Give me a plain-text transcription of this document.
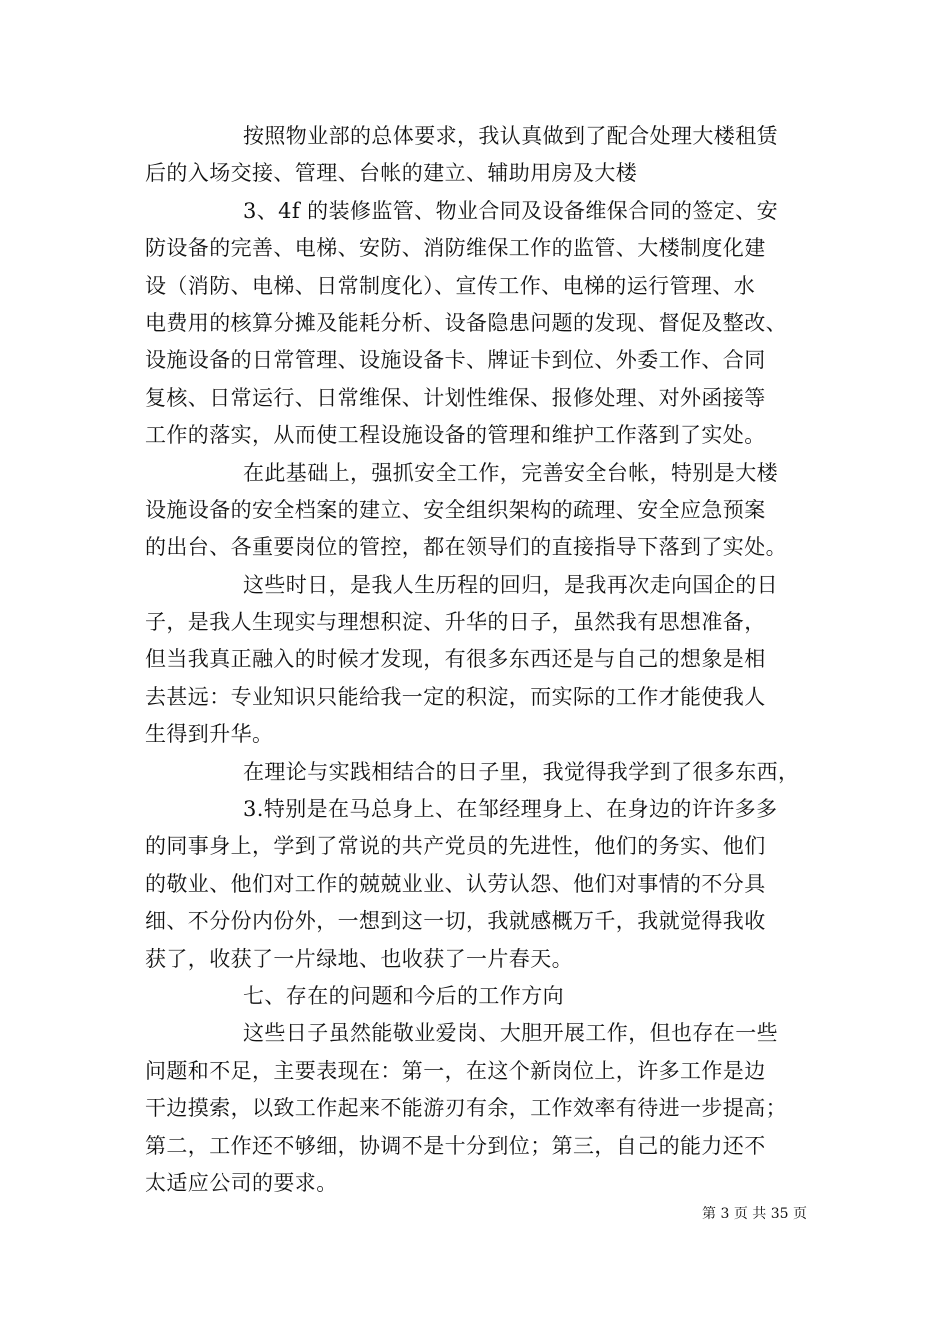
按照物业部的总体要求，我认真做到了配合处理大楼租赁
后的入场交接、管理、台帐的建立、辅助用房及大楼
3、4f 的装修监管、物业合同及设备维保合同的签定、安
防设备的完善、电梯、安防、消防维保工作的监管、大楼制度化建
设（消防、电梯、日常制度化）、宣传工作、电梯的运行管理、水
电费用的核算分摊及能耗分析、设备隐患问题的发现、督促及整改、
设施设备的日常管理、设施设备卡、牌证卡到位、外委工作、合同
复核、日常运行、日常维保、计划性维保、报修处理、对外函接等
工作的落实，从而使工程设施设备的管理和维护工作落到了实处。
在此基础上，强抓安全工作，完善安全台帐，特别是大楼
设施设备的安全档案的建立、安全组织架构的疏理、安全应急预案
的出台、各重要岗位的管控，都在领导们的直接指导下落到了实处。
这些时日，是我人生历程的回归，是我再次走向国企的日
子，是我人生现实与理想积淀、升华的日子，虽然我有思想准备，
但当我真正融入的时候才发现，有很多东西还是与自己的想象是相
去甚远：专业知识只能给我一定的积淀，而实际的工作才能使我人
生得到升华。
在理论与实践相结合的日子里，我觉得我学到了很多东西，
3.特别是在马总身上、在邹经理身上、在身边的许许多多
的同事身上，学到了常说的共产党员的先进性，他们的务实、他们
的敬业、他们对工作的兢兢业业、认劳认怨、他们对事情的不分具
细、不分份内份外，一想到这一切，我就感概万千，我就觉得我收
获了，收获了一片绿地、也收获了一片春天。
七、存在的问题和今后的工作方向
这些日子虽然能敬业爱岗、大胆开展工作，但也存在一些
问题和不足，主要表现在：第一，在这个新岗位上，许多工作是边
干边摸索，以致工作起来不能游刃有余，工作效率有待进一步提高；
第二，工作还不够细，协调不是十分到位；第三，自己的能力还不
太适应公司的要求。
第 3 页 共 35 页
